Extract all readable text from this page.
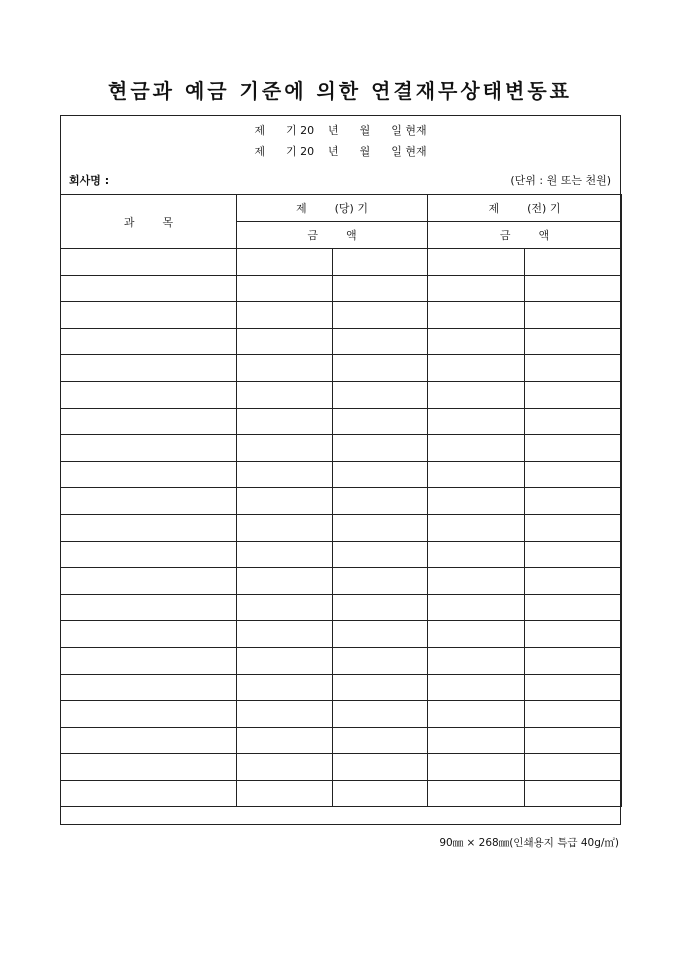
현금과 예금 기준에 의한 연결재무상태변동표
제      기 20    년      월      일 현재
제      기 20    년      월      일 현재
회사명 :	(단위 : 원 또는 천원)
과        목	제        (당) 기		제        (전) 기	
	금        액		금        액	

90㎜ × 268㎜(인쇄용지 특급 40g/㎡)
